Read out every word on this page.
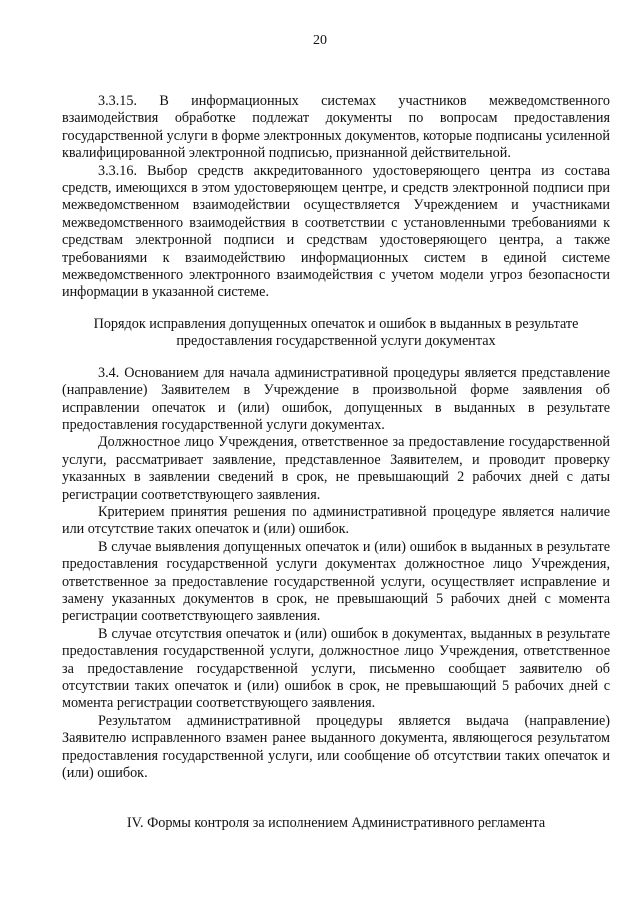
20

3.3.15. В информационных системах участников межведомственного взаимодействия обработке подлежат документы по вопросам предоставления государственной услуги в форме электронных документов, которые подписаны усиленной квалифицированной электронной подписью, признанной действительной.

3.3.16. Выбор средств аккредитованного удостоверяющего центра из состава средств, имеющихся в этом удостоверяющем центре, и средств электронной подписи при межведомственном взаимодействии осуществляется Учреждением и участниками межведомственного взаимодействия в соответствии с установленными требованиями к средствам электронной подписи и средствам удостоверяющего центра, а также требованиями к взаимодействию информационных систем в единой системе межведомственного электронного взаимодействия с учетом модели угроз безопасности информации в указанной системе.

Порядок исправления допущенных опечаток и ошибок в выданных в результате предоставления государственной услуги документах

3.4. Основанием для начала административной процедуры является представление (направление) Заявителем в Учреждение в произвольной форме заявления об исправлении опечаток и (или) ошибок, допущенных в выданных в результате предоставления государственной услуги документах.

Должностное лицо Учреждения, ответственное за предоставление государственной услуги, рассматривает заявление, представленное Заявителем, и проводит проверку указанных в заявлении сведений в срок, не превышающий 2 рабочих дней с даты регистрации соответствующего заявления.

Критерием принятия решения по административной процедуре является наличие или отсутствие таких опечаток и (или) ошибок.

В случае выявления допущенных опечаток и (или) ошибок в выданных в результате предоставления государственной услуги документах должностное лицо Учреждения, ответственное за предоставление государственной услуги, осуществляет исправление и замену указанных документов в срок, не превышающий 5 рабочих дней с момента регистрации соответствующего заявления.

В случае отсутствия опечаток и (или) ошибок в документах, выданных в результате предоставления государственной услуги, должностное лицо Учреждения, ответственное за предоставление государственной услуги, письменно сообщает заявителю об отсутствии таких опечаток и (или) ошибок в срок, не превышающий 5 рабочих дней с момента регистрации соответствующего заявления.

Результатом административной процедуры является выдача (направление) Заявителю исправленного взамен ранее выданного документа, являющегося результатом предоставления государственной услуги, или сообщение об отсутствии таких опечаток и (или) ошибок.

IV. Формы контроля за исполнением Административного регламента
